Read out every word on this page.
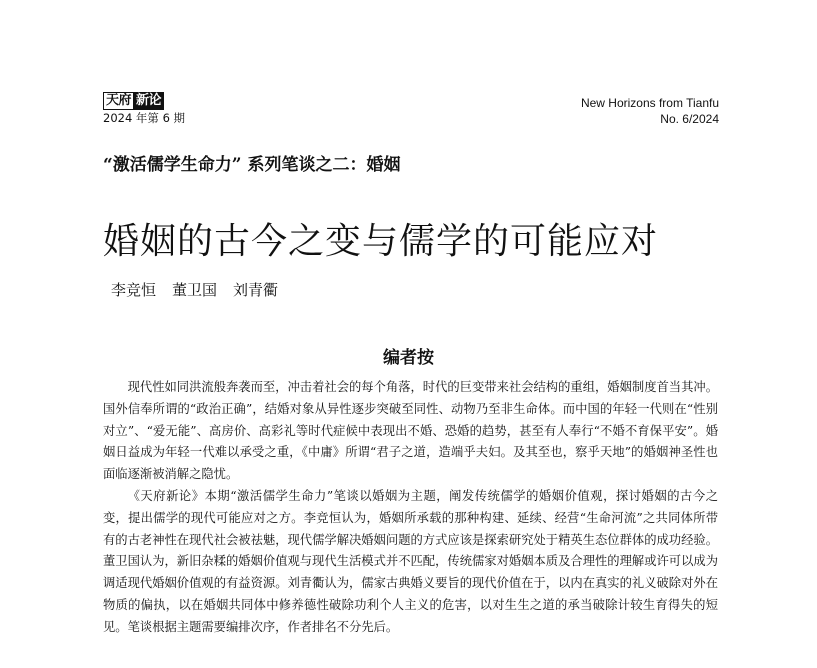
天府 新论
2024 年第 6 期
New Horizons from Tianfu
No. 6/2024
“激活儒学生命力” 系列笔谈之二：婚姻
婚姻的古今之变与儒学的可能应对
李竞恒 董卫国 刘青衢
编者按

现代性如同洪流般奔袭而至，冲击着社会的每个角落，时代的巨变带来社会结构的重组，婚姻制度首当其冲。国外信奉所谓的“政治正确”，结婚对象从异性逐步突破至同性、动物乃至非生命体。而中国的年轻一代则在“性别对立”、“爱无能”、高房价、高彩礼等时代症候中表现出不婚、恐婚的趋势，甚至有人奉行“不婚不育保平安”。婚姻日益成为年轻一代难以承受之重，《中庸》所谓“君子之道，造端乎夫妇。及其至也，察乎天地”的婚姻神圣性也面临逐渐被消解之隐忧。

《天府新论》本期“激活儒学生命力”笔谈以婚姻为主题，阐发传统儒学的婚姻价值观，探讨婚姻的古今之变，提出儒学的现代可能应对之方。李竞恒认为，婚姻所承载的那种构建、延续、经营“生命河流”之共同体所带有的古老神性在现代社会被祛魅，现代儒学解决婚姻问题的方式应该是探索研究处于精英生态位群体的成功经验。董卫国认为，新旧杂糅的婚姻价值观与现代生活模式并不匹配，传统儒家对婚姻本质及合理性的理解或许可以成为调适现代婚姻价值观的有益资源。刘青衢认为，儒家古典婚义要旨的现代价值在于，以内在真实的礼义破除对外在物质的偏执，以在婚姻共同体中修养德性破除功利个人主义的危害，以对生生之道的承当破除计较生育得失的短见。笔谈根据主题需要编排次序，作者排名不分先后。
